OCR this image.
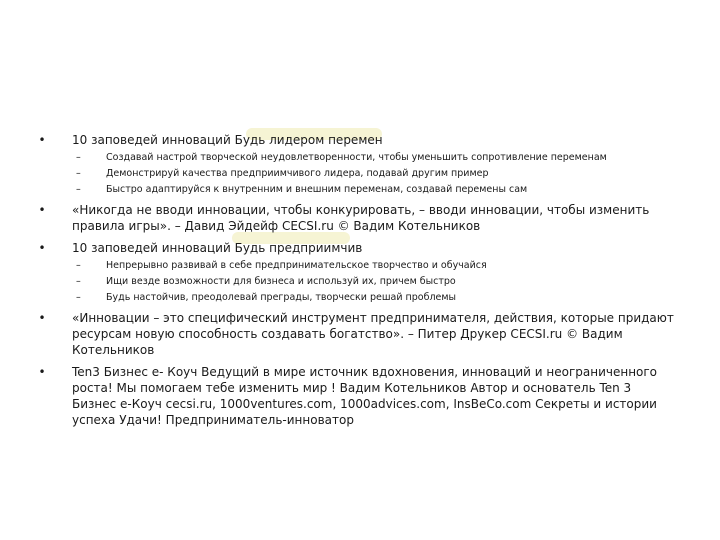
• 10 заповедей инноваций Будь лидером перемен
–	Создавай настрой творческой неудовлетворенности, чтобы уменьшить сопротивление переменам
–	Демонстрируй качества предприимчивого лидера, подавай другим пример
–	Быстро адаптируйся к внутренним и внешним переменам, создавай перемены сам
• «Никогда не вводи инновации, чтобы конкурировать, – вводи инновации, чтобы изменить правила игры». – Давид Эйдейф CECSI.ru © Вадим Котельников
• 10 заповедей инноваций Будь предприимчив
–	Непрерывно развивай в себе предпринимательское творчество и обучайся
–	Ищи везде возможности для бизнеса и используй их, причем быстро
–	Будь настойчив, преодолевай преграды, творчески решай проблемы
• «Инновации – это специфический инструмент предпринимателя, действия, которые придают ресурсам новую способность создавать богатство». – Питер Друкер CECSI.ru © Вадим Котельников
• Ten3 Бизнес е- Коуч Ведущий в мире источник вдохновения, инноваций и неограниченного роста! Мы помогаем тебе изменить мир ! Вадим Котельников Автор и основатель Ten 3 Бизнес e-Коуч cecsi.ru, 1000ventures.com, 1000advices.com, InsBeCo.com Секреты и истории успеха Удачи! Предприниматель-инноватор
